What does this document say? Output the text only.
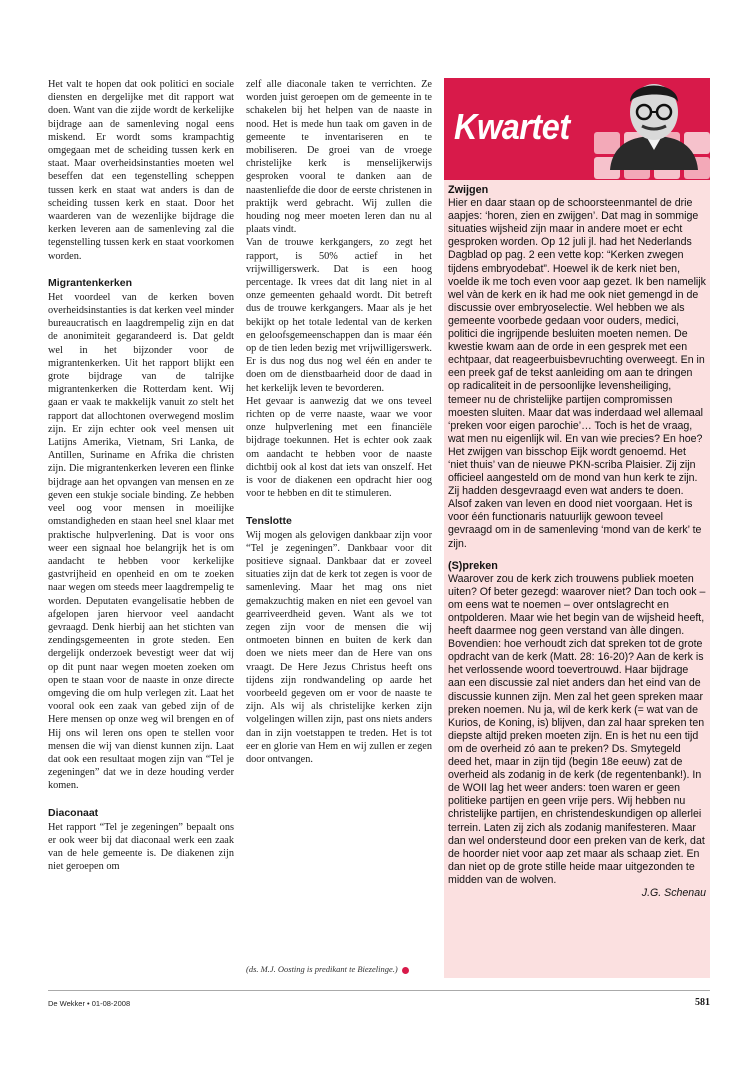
Het valt te hopen dat ook politici en sociale diensten en dergelijke met dit rapport wat doen. Want van die zijde wordt de kerkelijke bijdrage aan de samenleving nogal eens miskend. Er wordt soms krampachtig omgegaan met de scheiding tussen kerk en staat. Maar overheidsinstanties moeten wel beseffen dat een tegenstelling scheppen tussen kerk en staat wat anders is dan de scheiding tussen kerk en staat. Door het waarderen van de wezenlijke bijdrage die kerken leveren aan de samenleving zal die tegenstelling tussen kerk en staat voorkomen worden.

Migrantenkerken

Het voordeel van de kerken boven overheidsinstanties is dat kerken veel minder bureaucratisch en laagdrempelig zijn en dat de anonimiteit gegarandeerd is. Dat geldt wel in het bijzonder voor de migrantenkerken. Uit het rapport blijkt een grote bijdrage van de talrijke migrantenkerken die Rotterdam kent. Wij gaan er vaak te makkelijk vanuit zo stelt het rapport dat allochtonen overwegend moslim zijn. Er zijn echter ook veel mensen uit Latijns Amerika, Vietnam, Sri Lanka, de Antillen, Suriname en Afrika die christen zijn. Die migrantenkerken leveren een flinke bijdrage aan het opvangen van mensen en ze geven een stukje sociale binding. Ze hebben veel oog voor mensen in moeilijke omstandigheden en staan heel snel klaar met praktische hulpverlening. Dat is voor ons weer een signaal hoe belangrijk het is om aandacht te hebben voor kerkelijke gastvrijheid en openheid en om te zoeken naar wegen om steeds meer laagdrempelig te worden. Deputaten evangelisatie hebben de afgelopen jaren hiervoor veel aandacht gevraagd. Denk hierbij aan het stichten van zendingsgemeenten in grote steden. Een dergelijk onderzoek bevestigt weer dat wij op dit punt naar wegen moeten zoeken om open te staan voor de naaste in onze directe omgeving die om hulp verlegen zit. Laat het vooral ook een zaak van gebed zijn of de Here mensen op onze weg wil brengen en of Hij ons wil leren ons open te stellen voor mensen die wij van dienst kunnen zijn. Laat dat ook een resultaat mogen zijn van “Tel je zegeningen” dat we in deze houding verder komen.

Diaconaat

Het rapport “Tel je zegeningen” bepaalt ons er ook weer bij dat diaconaal werk een zaak van de hele gemeente is. De diakenen zijn niet geroepen om

zelf alle diaconale taken te verrichten. Ze worden juist geroepen om de gemeente in te schakelen bij het helpen van de naaste in nood. Het is mede hun taak om gaven in de gemeente te inventariseren en te mobiliseren. De groei van de vroege christelijke kerk is menselijkerwijs gesproken vooral te danken aan de naastenliefde die door de eerste christenen in praktijk werd gebracht. Wij zullen die houding nog meer moeten leren dan nu al plaats vindt.

Van de trouwe kerkgangers, zo zegt het rapport, is 50% actief in het vrijwilligerswerk. Dat is een hoog percentage. Ik vrees dat dit lang niet in al onze gemeenten gehaald wordt. Dit betreft dus de trouwe kerkgangers. Maar als je het bekijkt op het totale ledental van de kerken en geloofsgemeenschappen dan is maar één op de tien leden bezig met vrijwilligerswerk. Er is dus nog dus nog wel één en ander te doen om de dienstbaarheid door de daad in het kerkelijk leven te bevorderen.

Het gevaar is aanwezig dat we ons teveel richten op de verre naaste, waar we voor onze hulpverlening met een financiële bijdrage toekunnen. Het is echter ook zaak om aandacht te hebben voor de naaste dichtbij ook al kost dat iets van onszelf. Het is voor de diakenen een opdracht hier oog voor te hebben en dit te stimuleren.

Tenslotte

Wij mogen als gelovigen dankbaar zijn voor “Tel je zegeningen”. Dankbaar voor dit positieve signaal. Dankbaar dat er zoveel situaties zijn dat de kerk tot zegen is voor de samenleving. Maar het mag ons niet gemakzuchtig maken en niet een gevoel van gearriveerdheid geven. Want als we tot zegen zijn voor de mensen die wij ontmoeten binnen en buiten de kerk dan doen we niets meer dan de Here van ons vraagt. De Here Jezus Christus heeft ons tijdens zijn rondwandeling op aarde het voorbeeld gegeven om er voor de naaste te zijn. Als wij als christelijke kerken zijn volgelingen willen zijn, past ons niets anders dan in zijn voetstappen te treden. Het is tot eer en glorie van Hem en wij zullen er zegen door ontvangen.

(ds. M.J. Oosting is predikant te Biezelinge.)
Kwartet
Zwijgen

Hier en daar staan op de schoorsteenmantel de drie aapjes: ‘horen, zien en zwijgen’. Dat mag in sommige situaties wijsheid zijn maar in andere moet er echt gesproken worden. Op 12 juli jl. had het Nederlands Dagblad op pag. 2 een vette kop: “Kerken zwegen tijdens embryodebat”. Hoewel ik de kerk niet ben, voelde ik me toch even voor aap gezet. Ik ben namelijk wel vàn de kerk en ik had me ook niet gemengd in de discussie over embryoselectie. Wel hebben we als gemeente voorbede gedaan voor ouders, medici, politici die ingrijpende besluiten moeten nemen. De kwestie kwam aan de orde in een gesprek met een echtpaar, dat reageerbuisbevruchting overweegt. En in een preek gaf de tekst aanleiding om aan te dringen op radicaliteit in de persoonlijke levensheiliging, temeer nu de christelijke partijen compromissen moesten sluiten. Maar dat was inderdaad wel allemaal ‘preken voor eigen parochie’… Toch is het de vraag, wat men nu eigenlijk wil. En van wie precies? En hoe? Het zwijgen van bisschop Eijk wordt genoemd. Het ‘niet thuis’ van de nieuwe PKN-scriba Plaisier. Zij zijn officieel aangesteld om de mond van hun kerk te zijn. Zij hadden desgevraagd even wat anders te doen. Alsof zaken van leven en dood niet voorgaan. Het is voor één functionaris natuurlijk gewoon teveel gevraagd om in de samenleving ‘mond van de kerk’ te zijn.

(S)preken

Waarover zou de kerk zich trouwens publiek moeten uiten? Of beter gezegd: waarover niet? Dan toch ook – om eens wat te noemen – over ontslagrecht en ontpolderen. Maar wie het begin van de wijsheid heeft, heeft daarmee nog geen verstand van àlle dingen. Bovendien: hoe verhoudt zich dat spreken tot de grote opdracht van de kerk (Matt. 28: 16-20)? Aan de kerk is het verlossende woord toevertrouwd. Haar bijdrage aan een discussie zal niet anders dan het eind van de discussie kunnen zijn. Men zal het geen spreken maar preken noemen. Nu ja, wil de kerk kerk (= wat van de Kurios, de Koning, is) blijven, dan zal haar spreken ten diepste altijd preken moeten zijn. En is het nu een tijd om de overheid zó aan te preken? Ds. Smytegeld deed het, maar in zijn tijd (begin 18e eeuw) zat de overheid als zodanig in de kerk (de regentenbank!). In de WOII lag het weer anders: toen waren er geen politieke partijen en geen vrije pers. Wij hebben nu christelijke partijen, en christendeskundigen op allerlei terrein. Laten zij zich als zodanig manifesteren. Maar dan wel ondersteund door een preken van de kerk, dat de hoorder niet voor aap zet maar als schaap ziet. En dan niet op de grote stille heide maar uitgezonden te midden van de wolven.

J.G. Schenau

De Wekker • 01-08-2008	581
